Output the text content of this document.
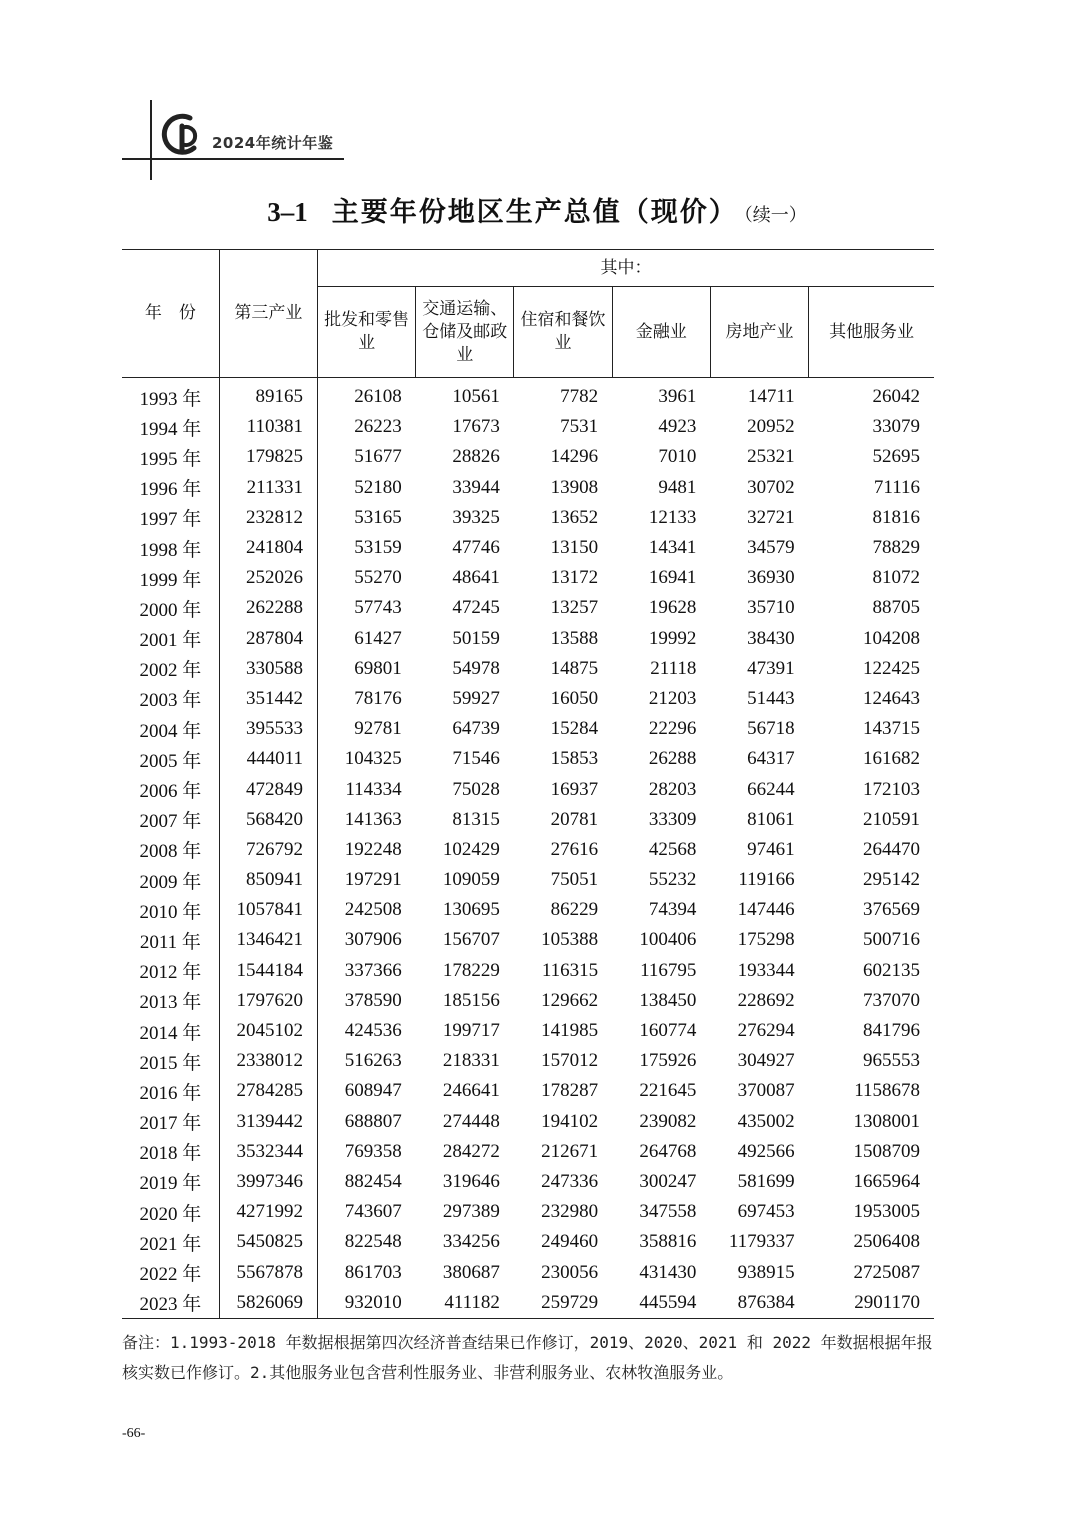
2024年统计年鉴
3–1 主要年份地区生产总值（现价） （续一）
年　份	第三产业	其中：					
		批发和零售业	交通运输、仓储及邮政业	住宿和餐饮业	金融业	房地产业	其他服务业
1993 年	89165	26108	10561	7782	3961	14711	26042
1994 年	110381	26223	17673	7531	4923	20952	33079
1995 年	179825	51677	28826	14296	7010	25321	52695
1996 年	211331	52180	33944	13908	9481	30702	71116
1997 年	232812	53165	39325	13652	12133	32721	81816
1998 年	241804	53159	47746	13150	14341	34579	78829
1999 年	252026	55270	48641	13172	16941	36930	81072
2000 年	262288	57743	47245	13257	19628	35710	88705
2001 年	287804	61427	50159	13588	19992	38430	104208
2002 年	330588	69801	54978	14875	21118	47391	122425
2003 年	351442	78176	59927	16050	21203	51443	124643
2004 年	395533	92781	64739	15284	22296	56718	143715
2005 年	444011	104325	71546	15853	26288	64317	161682
2006 年	472849	114334	75028	16937	28203	66244	172103
2007 年	568420	141363	81315	20781	33309	81061	210591
2008 年	726792	192248	102429	27616	42568	97461	264470
2009 年	850941	197291	109059	75051	55232	119166	295142
2010 年	1057841	242508	130695	86229	74394	147446	376569
2011 年	1346421	307906	156707	105388	100406	175298	500716
2012 年	1544184	337366	178229	116315	116795	193344	602135
2013 年	1797620	378590	185156	129662	138450	228692	737070
2014 年	2045102	424536	199717	141985	160774	276294	841796
2015 年	2338012	516263	218331	157012	175926	304927	965553
2016 年	2784285	608947	246641	178287	221645	370087	1158678
2017 年	3139442	688807	274448	194102	239082	435002	1308001
2018 年	3532344	769358	284272	212671	264768	492566	1508709
2019 年	3997346	882454	319646	247336	300247	581699	1665964
2020 年	4271992	743607	297389	232980	347558	697453	1953005
2021 年	5450825	822548	334256	249460	358816	1179337	2506408
2022 年	5567878	861703	380687	230056	431430	938915	2725087
2023 年	5826069	932010	411182	259729	445594	876384	2901170
备注：1.1993-2018 年数据根据第四次经济普查结果已作修订，2019、2020、2021 和 2022 年数据根据年报核实数已作修订。2.其他服务业包含营利性服务业、非营利服务业、农林牧渔服务业。
-66-
